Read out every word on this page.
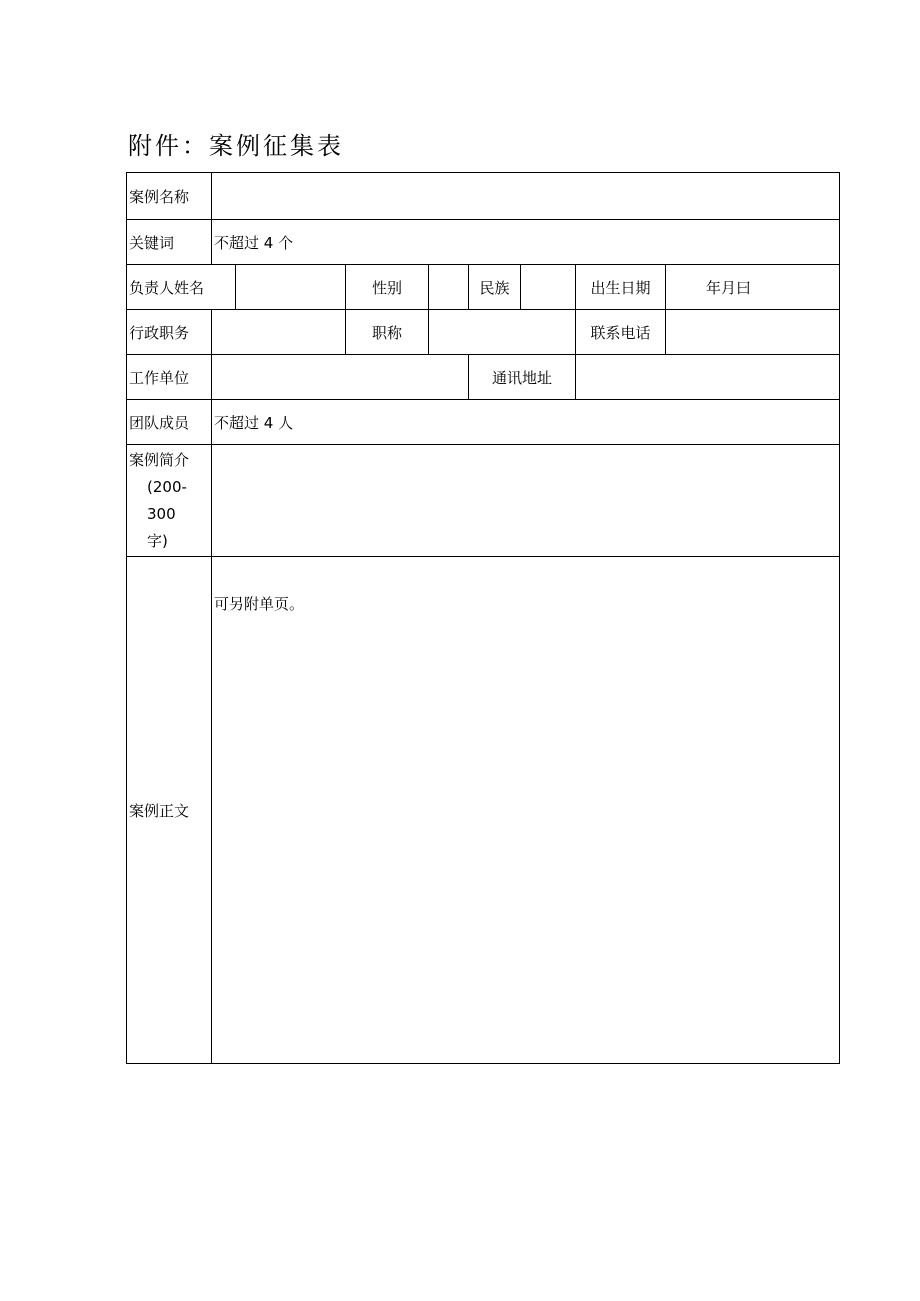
附件：案例征集表
案例名称								
关键词	不超过 4 个							
负责人姓名			性别		民族		出生日期	年月曰
行政职务			职称				联系电话	
工作单位					通讯地址			
团队成员	不超过 4 人							

案例简介
(200-300
字)								

案例正文	可另附单页。							
